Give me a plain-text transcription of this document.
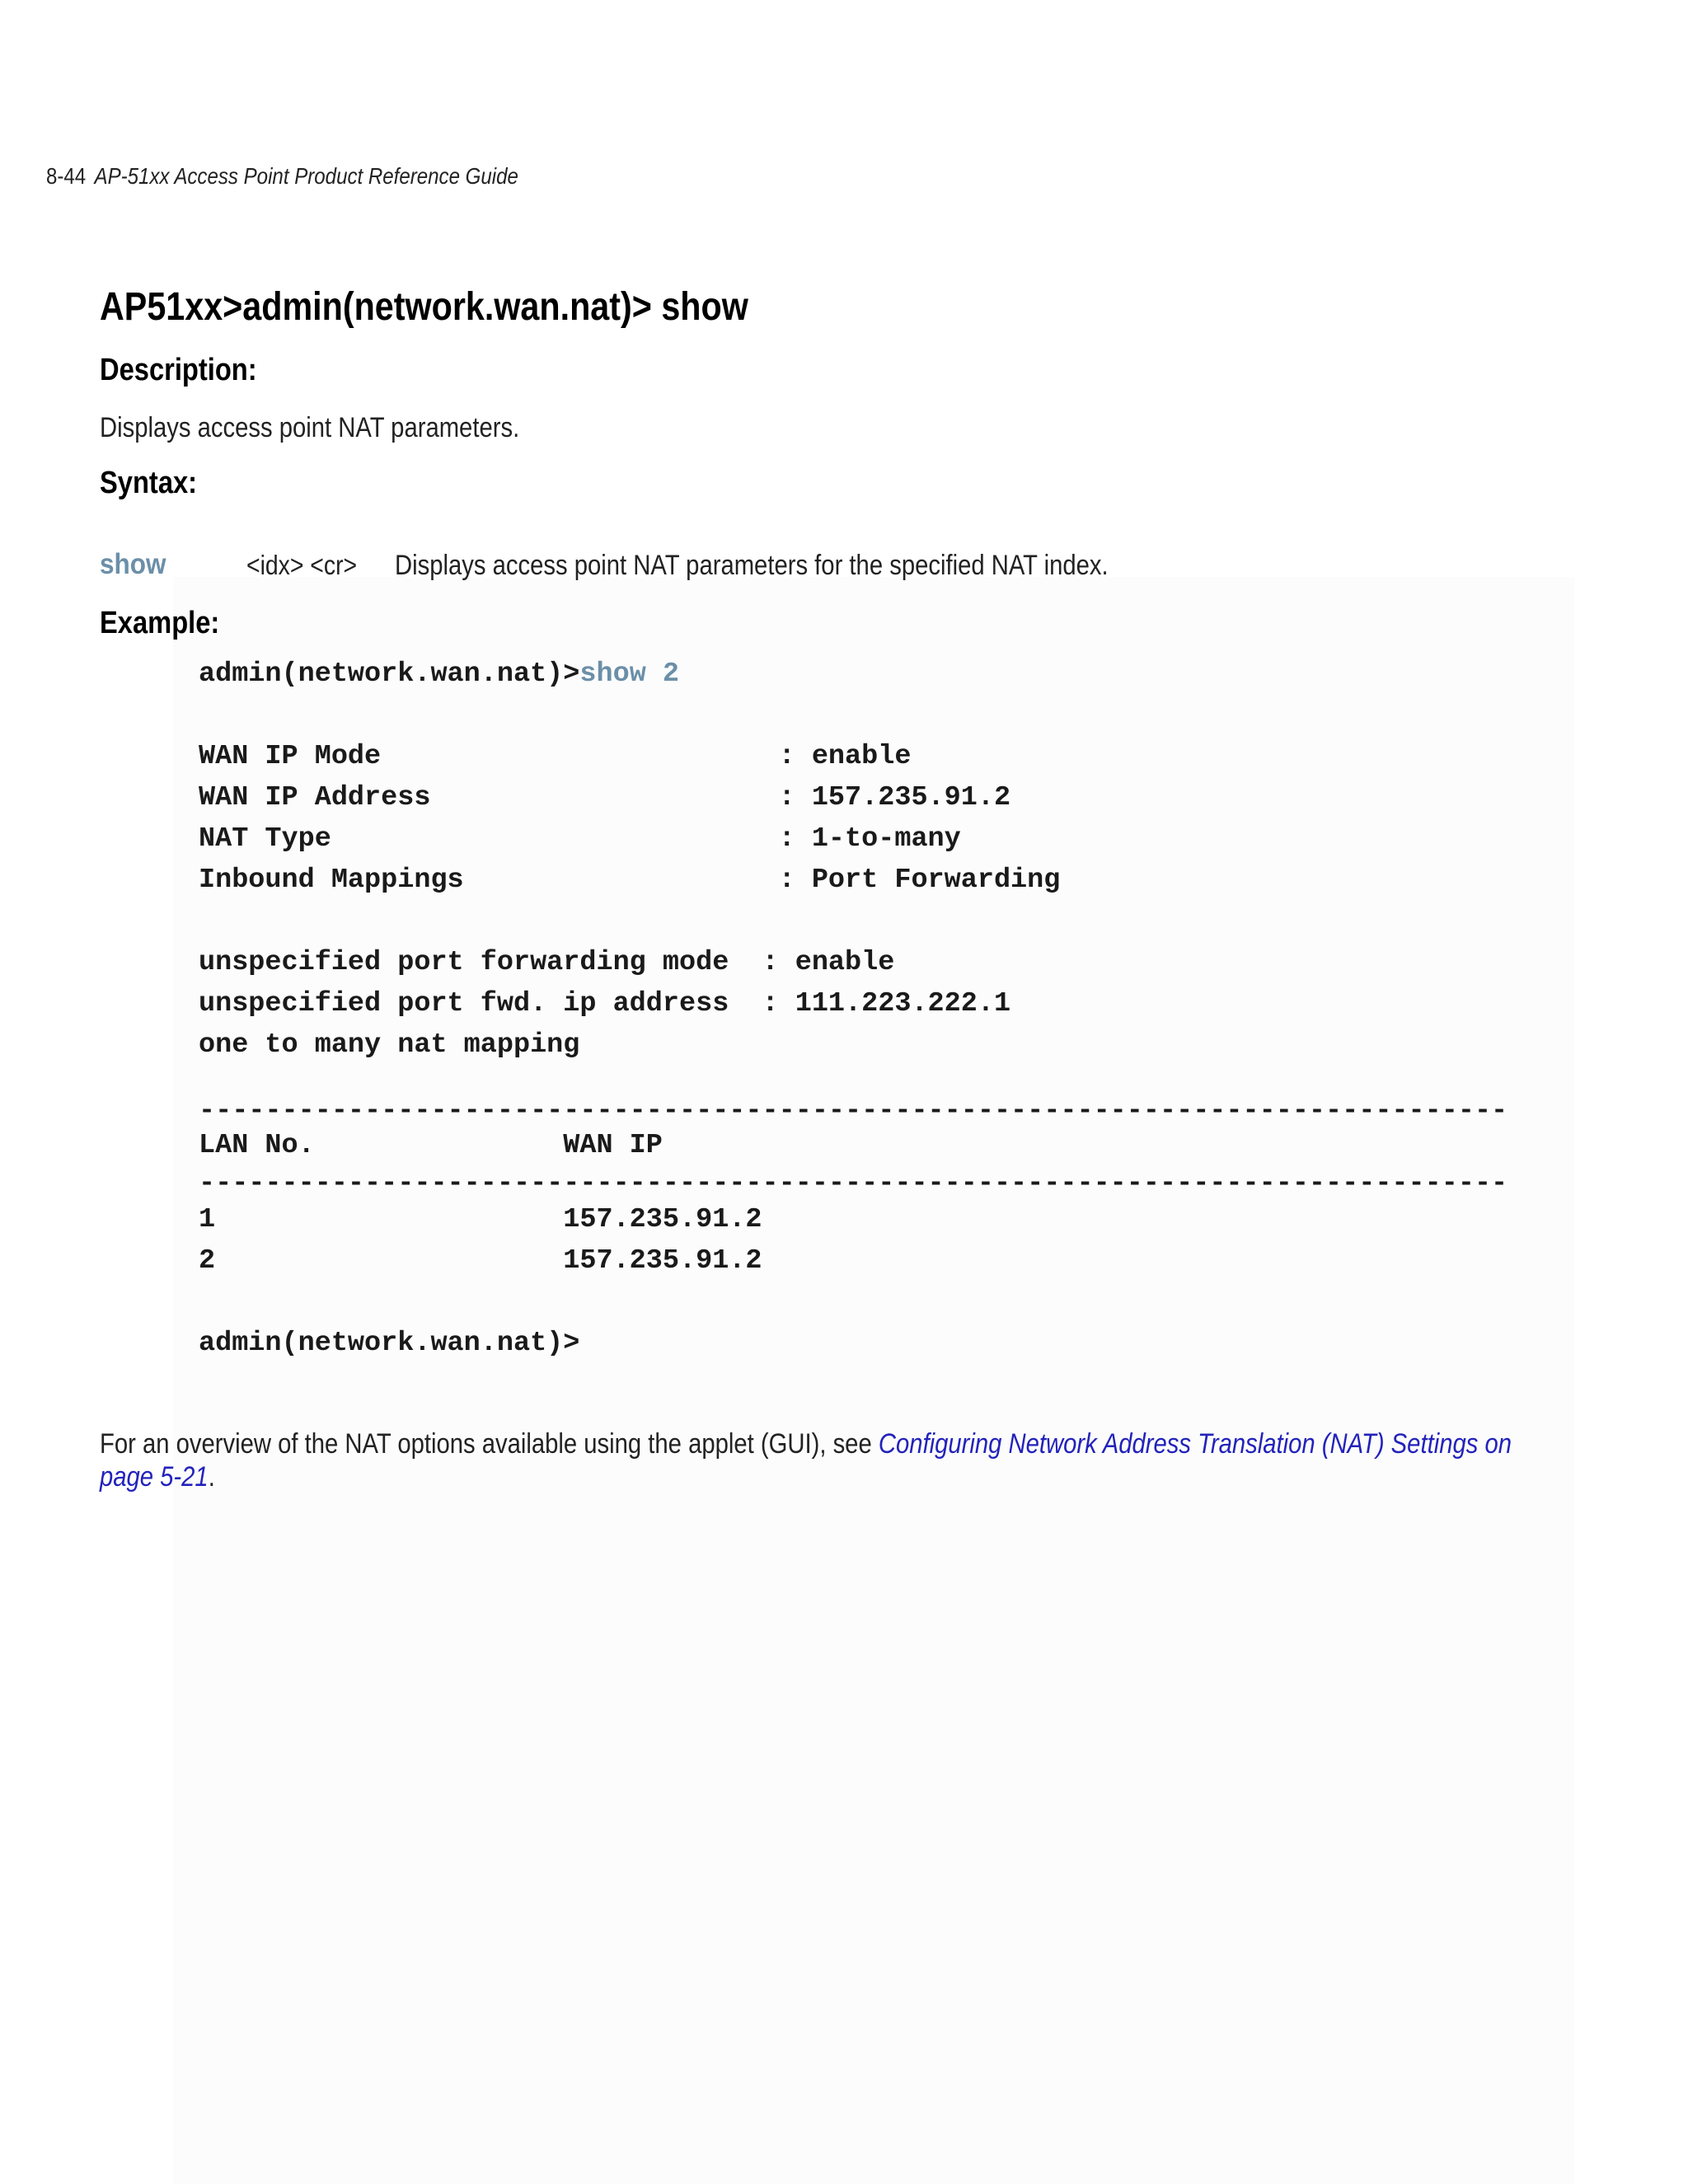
8-44 AP-51xx Access Point Product Reference Guide
AP51xx>admin(network.wan.nat)> show
Description:
Displays access point NAT parameters.
Syntax:
show	<idx> <cr> Displays access point NAT parameters for the specified NAT index.
Example:
admin(network.wan.nat)>show 2
WAN IP Mode                        : enable
WAN IP Address                     : 157.235.91.2
NAT Type                           : 1-to-many
Inbound Mappings                   : Port Forwarding
unspecified port forwarding mode  : enable
unspecified port fwd. ip address  : 111.223.222.1
one to many nat mapping
-------------------------------------------------------------------------------
LAN No.               WAN IP
-------------------------------------------------------------------------------
1                     157.235.91.2
2                     157.235.91.2
admin(network.wan.nat)>
For an overview of the NAT options available using the applet (GUI), see Configuring Network Address Translation (NAT) Settings on page 5-21.
